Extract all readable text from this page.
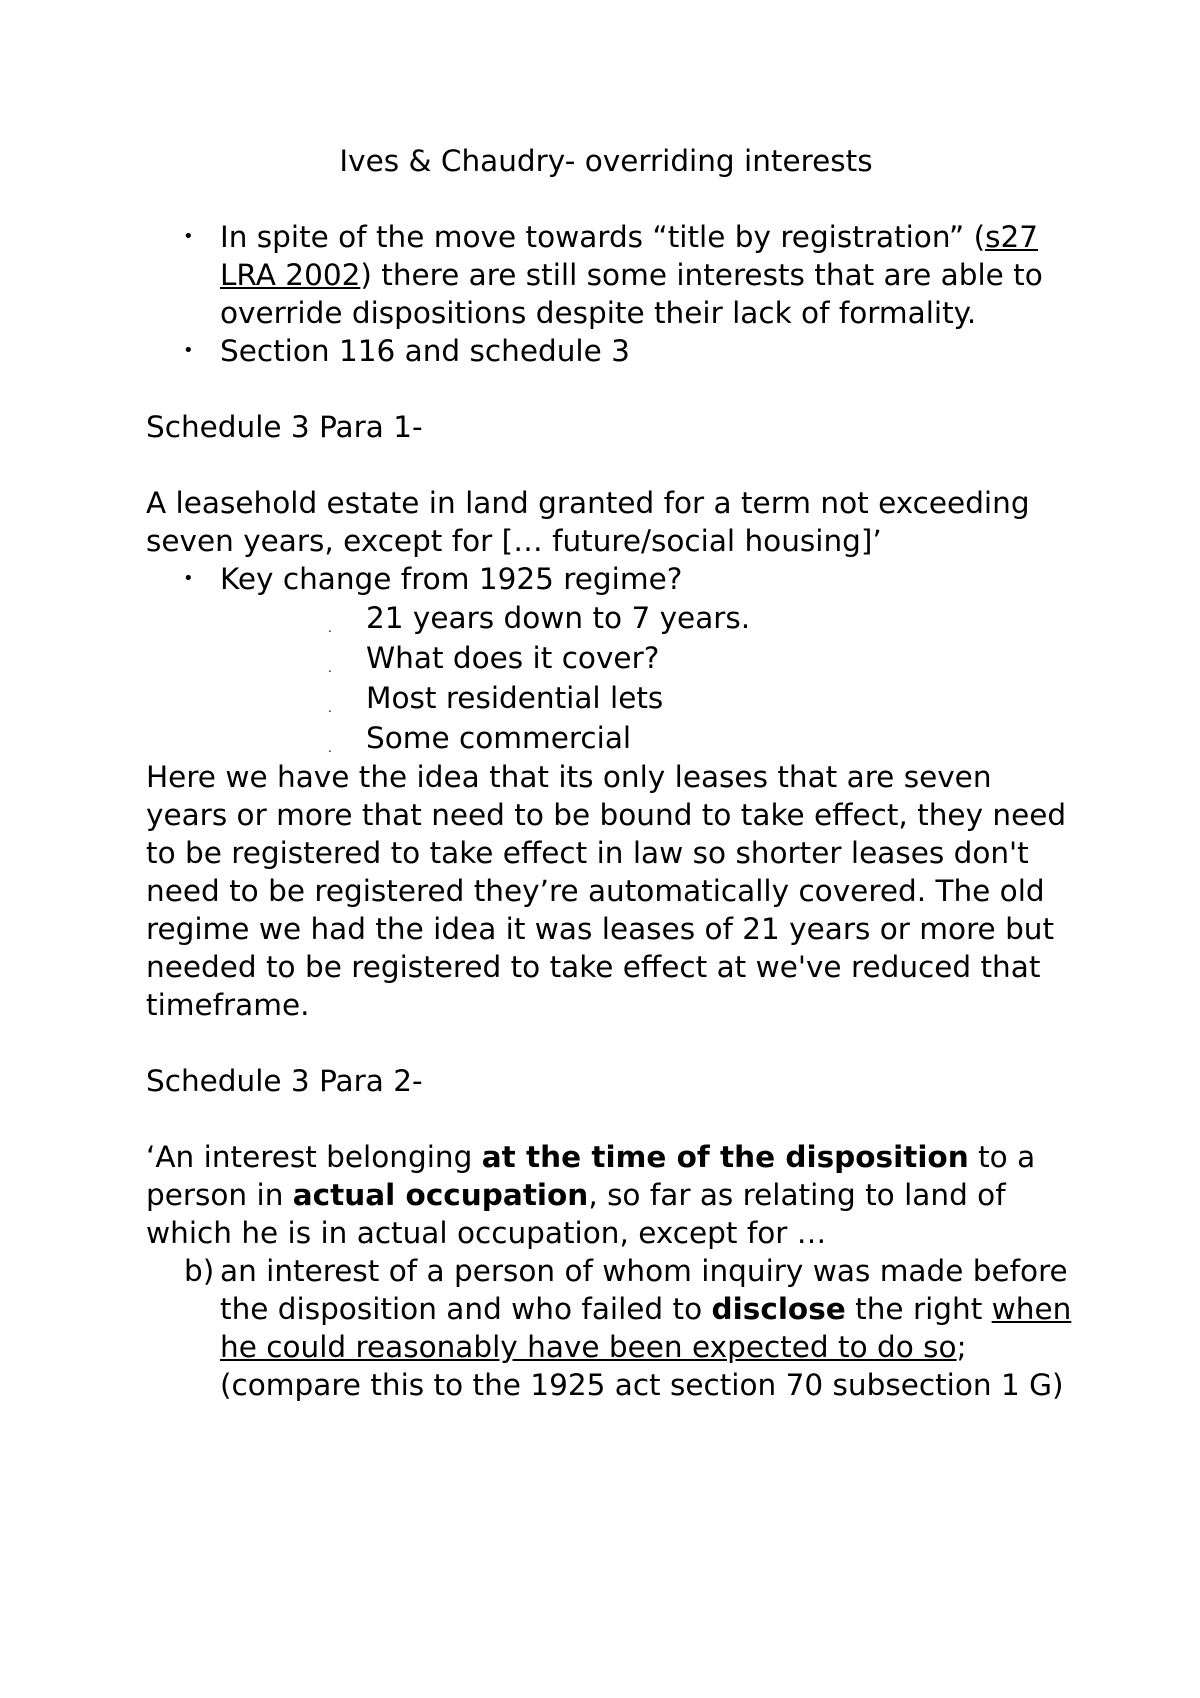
Ives & Chaudry- overriding interests
• In spite of the move towards “title by registration” (s27 LRA 2002) there are still some interests that are able to override dispositions despite their lack of formality.
• Section 116 and schedule 3

Schedule 3 Para 1-

A leasehold estate in land granted for a term not exceeding seven years, except for [… future/social housing]’

• Key change from 1925 regime?
. 21 years down to 7 years.
. What does it cover?
. Most residential lets
. Some commercial

Here we have the idea that its only leases that are seven years or more that need to be bound to take effect, they need to be registered to take effect in law so shorter leases don't need to be registered they’re automatically covered. The old regime we had the idea it was leases of 21 years or more but needed to be registered to take effect at we've reduced that timeframe.

Schedule 3 Para 2-

‘An interest belonging at the time of the disposition to a person in actual occupation, so far as relating to land of which he is in actual occupation, except for …

b) an interest of a person of whom inquiry was made before the disposition and who failed to disclose the right when he could reasonably have been expected to do so; (compare this to the 1925 act section 70 subsection 1 G)
